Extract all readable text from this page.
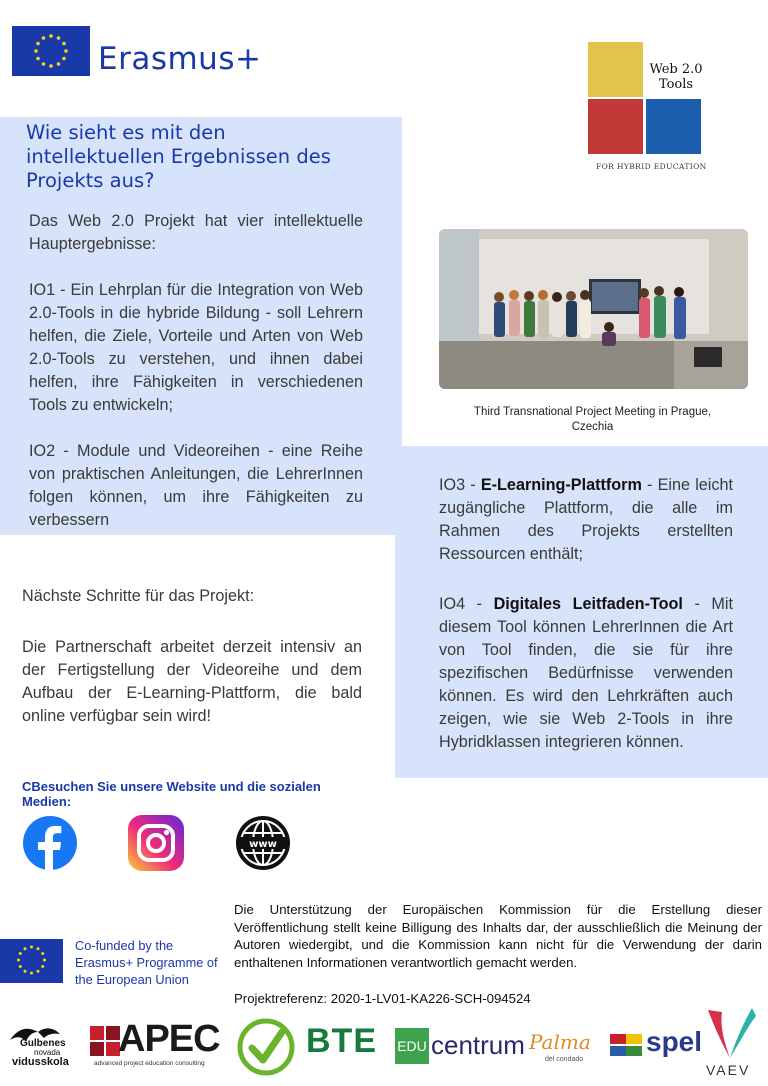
Erasmus+	Web 2.0 Tools
FOR HYBRID EDUCATION
Wie sieht es mit den intellektuellen Ergebnissen des Projekts aus?
Das Web 2.0 Projekt hat vier intellektuelle Hauptergebnisse:
IO1 - Ein Lehrplan für die Integration von Web 2.0-Tools in die hybride Bildung - soll Lehrern helfen, die Ziele, Vorteile und Arten von Web 2.0-Tools zu verstehen, und ihnen dabei helfen, ihre Fähigkeiten in verschiedenen Tools zu entwickeln;
IO2 - Module und Videoreihen - eine Reihe von praktischen Anleitungen, die LehrerInnen folgen können, um ihre Fähigkeiten zu verbessern
Third Transnational Project Meeting in Prague, Czechia
IO3 - E-Learning-Plattform - Eine leicht zugängliche Plattform, die alle im Rahmen des Projekts erstellten Ressourcen enthält;
IO4 - Digitales Leitfaden-Tool - Mit diesem Tool können LehrerInnen die Art von Tool finden, die sie für ihre spezifischen Bedürfnisse verwenden können. Es wird den Lehrkräften auch zeigen, wie sie Web 2-Tools in ihre Hybridklassen integrieren können.
Nächste Schritte für das Projekt:
Die Partnerschaft arbeitet derzeit intensiv an der Fertigstellung der Videoreihe und dem Aufbau der E-Learning-Plattform, die bald online verfügbar sein wird!
CBesuchen Sie unsere Website und die sozialen Medien:
www
Co-funded by the Erasmus+ Programme of the European Union
Die Unterstützung der Europäischen Kommission für die Erstellung dieser Veröffentlichung stellt keine Billigung des Inhalts dar, der ausschließlich die Meinung der Autoren wiedergibt, und die Kommission kann nicht für die Verwendung der darin enthaltenen Informationen verantwortlich gemacht werden.
Projektreferenz: 2020-1-LV01-KA226-SCH-094524
Gulbenes
novada
vidusskola
APEC
advanced project education consulting
BTE EDU centrum Palma
del condado
spel
VAEV
